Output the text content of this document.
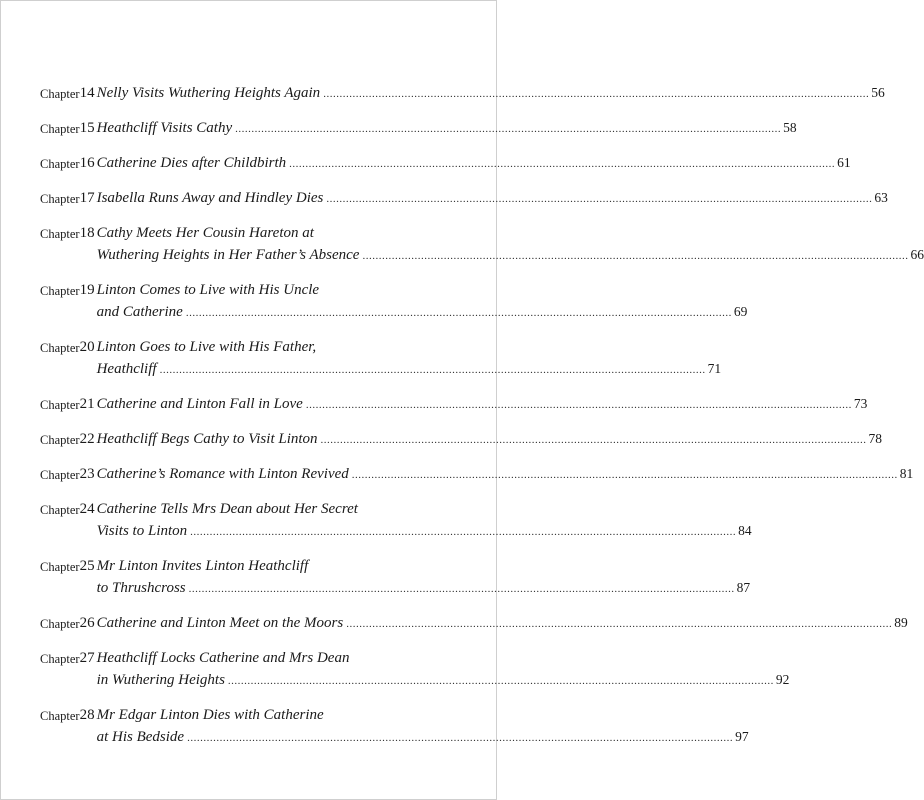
Chapter 14 Nelly Visits Wuthering Heights Again .....	56
Chapter 15 Heathcliff Visits Cathy .....	58
Chapter 16 Catherine Dies after Childbirth .....	61
Chapter 17 Isabella Runs Away and Hindley Dies .....	63
Chapter 18 Cathy Meets Her Cousin Hareton at
Wuthering Heights in Her Father’s Absence .....	66
Chapter 19 Linton Comes to Live with His Uncle
and Catherine .....	69
Chapter 20 Linton Goes to Live with His Father,
Heathcliff .....	71
Chapter 21 Catherine and Linton Fall in Love .....	73
Chapter 22 Heathcliff Begs Cathy to Visit Linton .....	78
Chapter 23 Catherine’s Romance with Linton Revived .....	81
Chapter 24 Catherine Tells Mrs Dean about Her Secret
Visits to Linton .....	84
Chapter 25 Mr Linton Invites Linton Heathcliff
to Thrushcross .....	87
Chapter 26 Catherine and Linton Meet on the Moors .....	89
Chapter 27 Heathcliff Locks Catherine and Mrs Dean
in Wuthering Heights .....	92
Chapter 28 Mr Edgar Linton Dies with Catherine
at His Bedside .....	97
